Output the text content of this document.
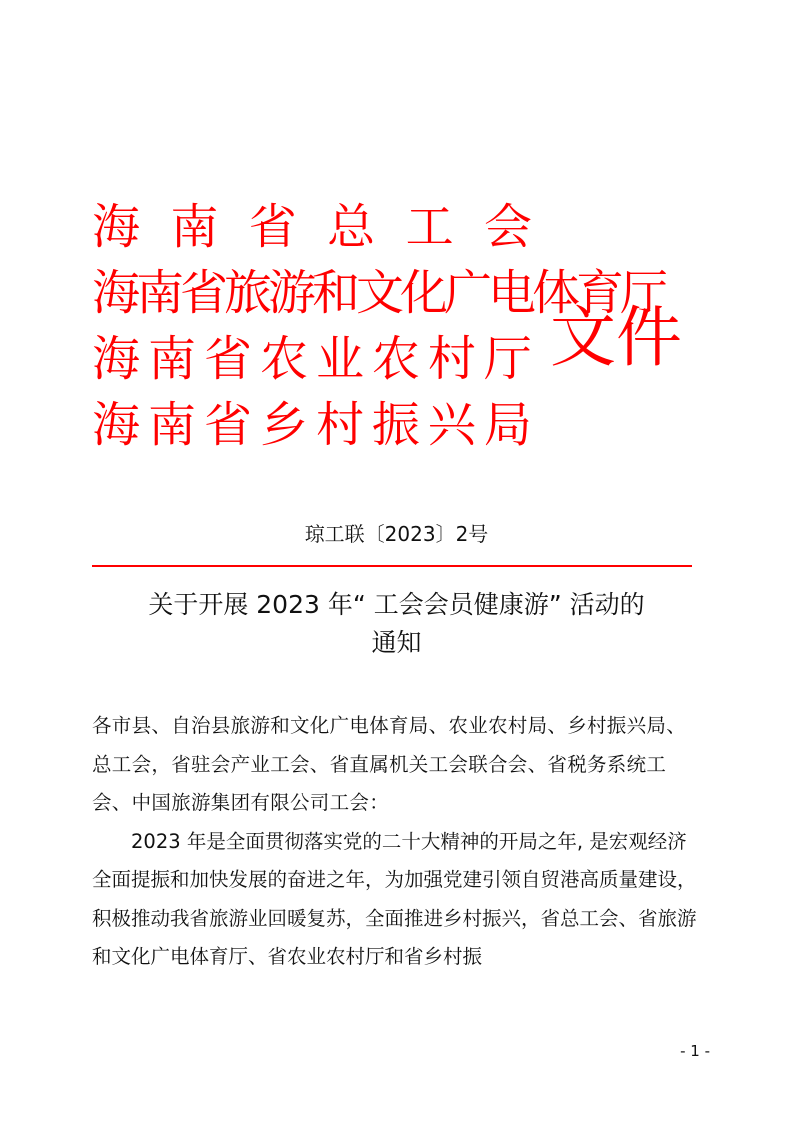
海 南 省 总 工 会
海南省旅游和文化广电体育厅
海 南 省 农 业 农 村 厅
海 南 省 乡 村 振 兴 局
文件
琼工联〔2023〕2号
关于开展 2023 年“ 工会会员健康游” 活动的
通知

各市县、自治县旅游和文化广电体育局、农业农村局、乡村振兴局、总工会，省驻会产业工会、省直属机关工会联合会、省税务系统工会、中国旅游集团有限公司工会：

2023 年是全面贯彻落实党的二十大精神的开局之年, 是宏观经济全面提振和加快发展的奋进之年，为加强党建引领自贸港高质量建设，积极推动我省旅游业回暖复苏，全面推进乡村振兴，省总工会、省旅游和文化广电体育厅、省农业农村厅和省乡村振

- 1 -
